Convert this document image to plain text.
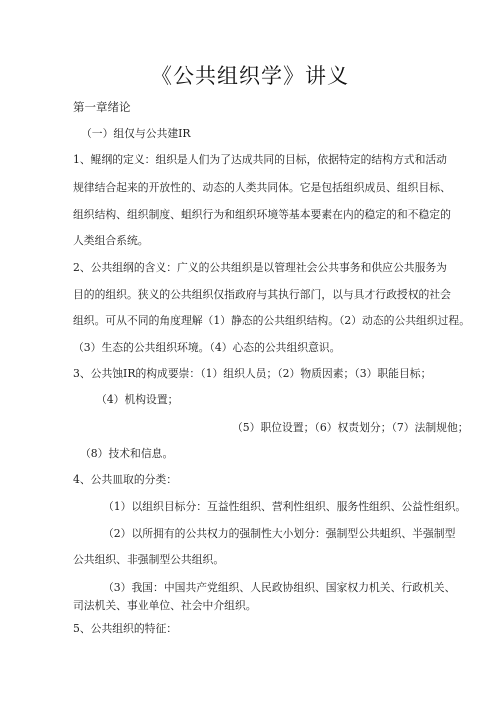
《公共组织学》讲义
第一章绪论
（一）组仅与公共建IR
1、鲲纲的定义：组织是人们为了达成共同的目标，依据特定的结构方式和活动
规律结合起来的开放性的、动态的人类共同体。它是包括组织成员、组织目标、
组织结构、组织制度、蛆织行为和组织环境等基本要素在内的稳定的和不稳定的
人类组合系统。
2、公共组纲的含义：广义的公共组织是以管理社会公共事务和供应公共服务为
目的的组织。狭义的公共组织仅指政府与其执行部门，以与具才行政授权的社会
组织。可从不同的角度理解（1）静态的公共组织结构。（2）动态的公共组织过程。
（3）生态的公共组织环境。（4）心态的公共组织意识。
3、公共蚀IR的构成要崇：（1）组织人员；（2）物质因素；（3）职能目标；
（4）机构设置；
（5）职位设置；（6）权责划分；（7）法制规他；
（8）技术和信息。
4、公共皿取的分类：
（1）以组织目标分：互益性组织、营利性组织、服务性组织、公益性组织。
（2）以所拥有的公共权力的强制性大小划分：强制型公共蛆织、半强制型
公共组织、非强制型公共组织。
（3）我国：中国共产党组织、人民政协组织、国家权力机关、行政机关、
司法机关、事业单位、社会中介组织。
5、公共组织的特征：
